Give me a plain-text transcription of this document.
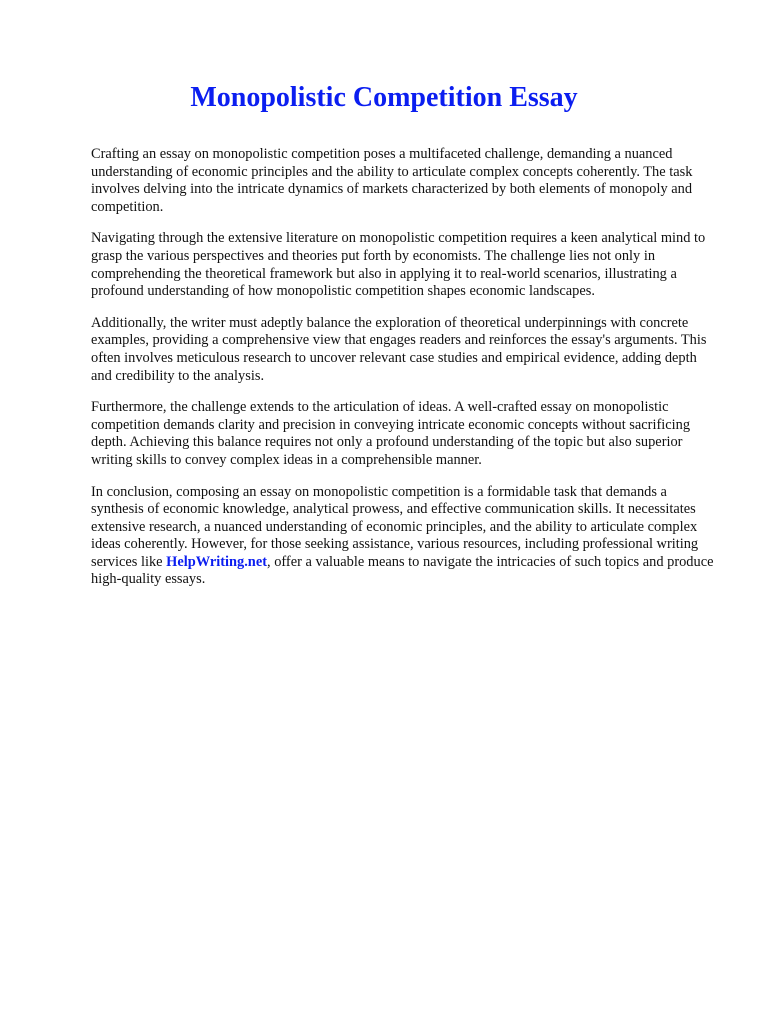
Monopolistic Competition Essay

Crafting an essay on monopolistic competition poses a multifaceted challenge, demanding a nuanced understanding of economic principles and the ability to articulate complex concepts coherently. The task involves delving into the intricate dynamics of markets characterized by both elements of monopoly and competition.

Navigating through the extensive literature on monopolistic competition requires a keen analytical mind to grasp the various perspectives and theories put forth by economists. The challenge lies not only in comprehending the theoretical framework but also in applying it to real-world scenarios, illustrating a profound understanding of how monopolistic competition shapes economic landscapes.

Additionally, the writer must adeptly balance the exploration of theoretical underpinnings with concrete examples, providing a comprehensive view that engages readers and reinforces the essay's arguments. This often involves meticulous research to uncover relevant case studies and empirical evidence, adding depth and credibility to the analysis.

Furthermore, the challenge extends to the articulation of ideas. A well-crafted essay on monopolistic competition demands clarity and precision in conveying intricate economic concepts without sacrificing depth. Achieving this balance requires not only a profound understanding of the topic but also superior writing skills to convey complex ideas in a comprehensible manner.

In conclusion, composing an essay on monopolistic competition is a formidable task that demands a synthesis of economic knowledge, analytical prowess, and effective communication skills. It necessitates extensive research, a nuanced understanding of economic principles, and the ability to articulate complex ideas coherently. However, for those seeking assistance, various resources, including professional writing services like HelpWriting.net, offer a valuable means to navigate the intricacies of such topics and produce high-quality essays.
